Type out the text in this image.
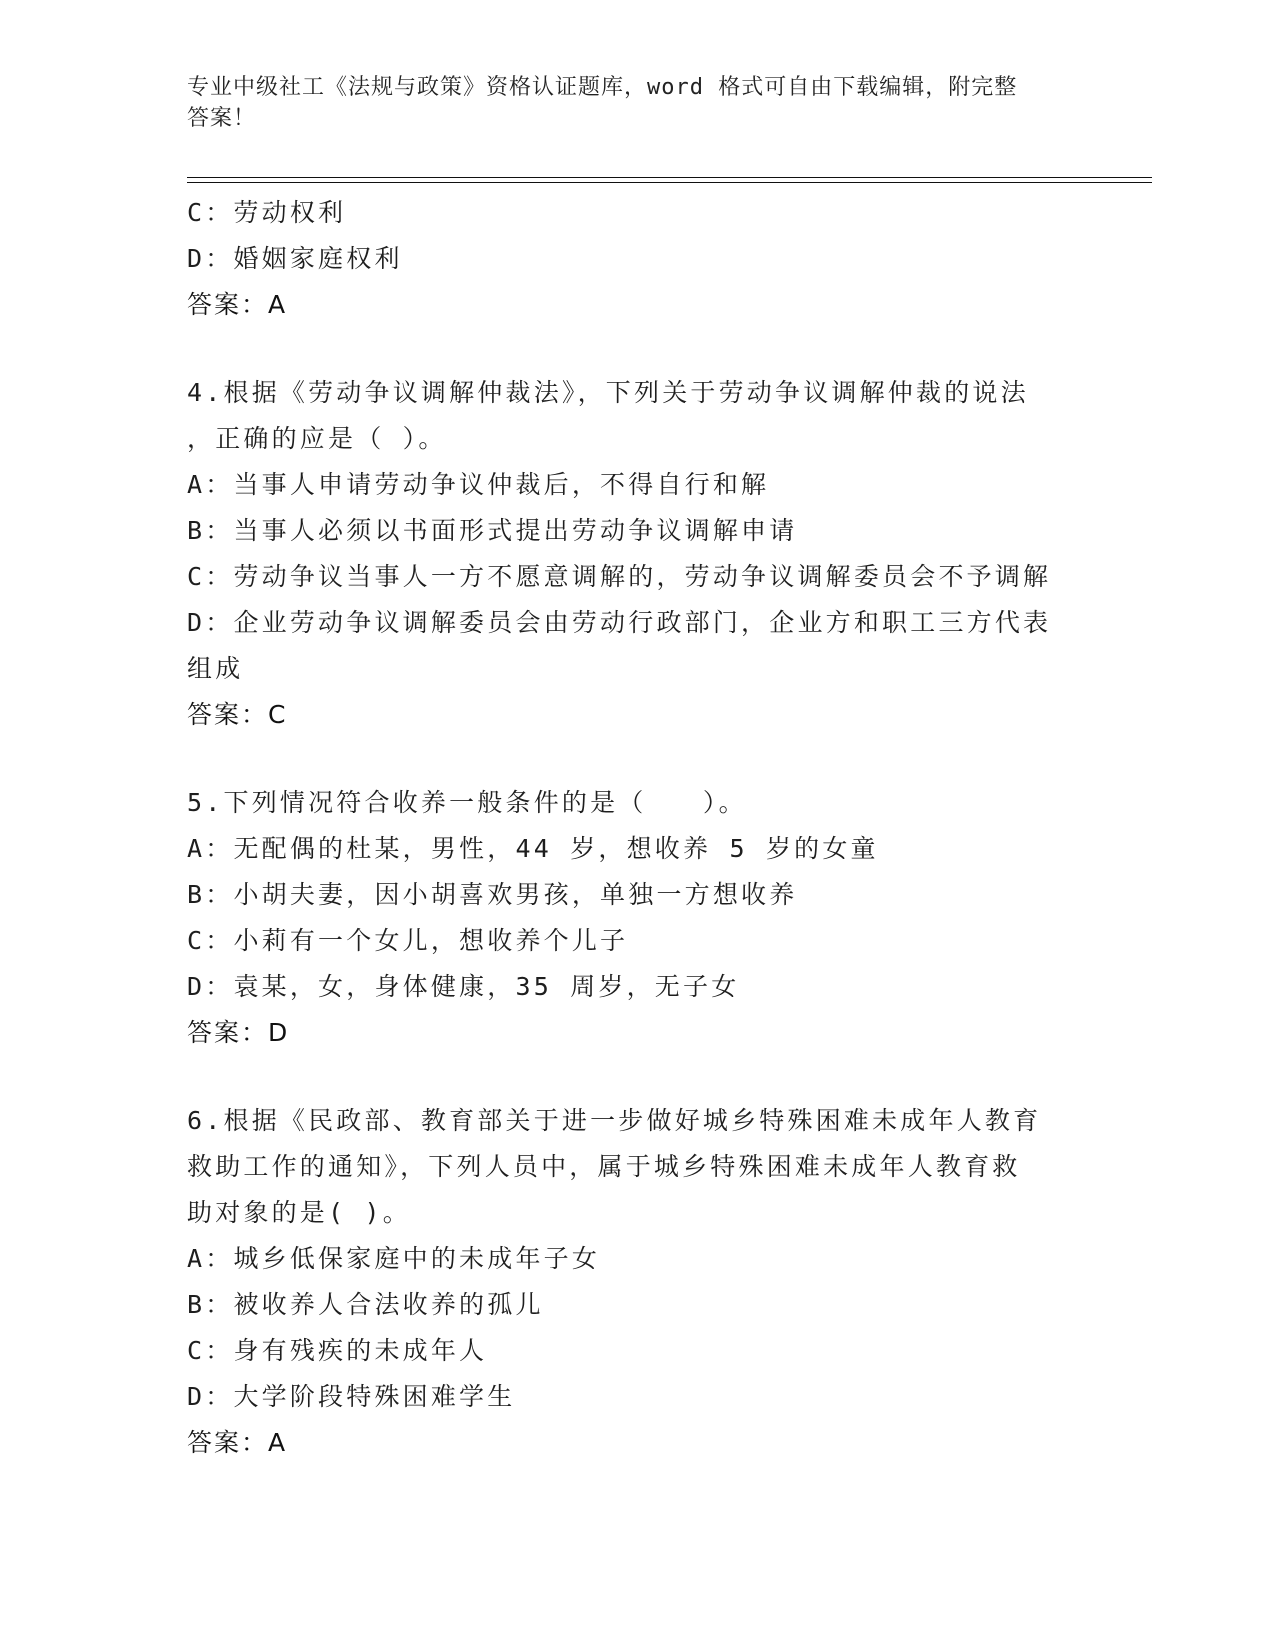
专业中级社工《法规与政策》资格认证题库，word 格式可自由下载编辑，附完整
答案！
C：劳动权利
D：婚姻家庭权利
答案：A
4.根据《劳动争议调解仲裁法》，下列关于劳动争议调解仲裁的说法
，正确的应是（ ）。
A：当事人申请劳动争议仲裁后，不得自行和解
B：当事人必须以书面形式提出劳动争议调解申请
C：劳动争议当事人一方不愿意调解的，劳动争议调解委员会不予调解
D：企业劳动争议调解委员会由劳动行政部门，企业方和职工三方代表
组成
答案：C
5.下列情况符合收养一般条件的是（　　）。
A：无配偶的杜某，男性，44 岁，想收养 5 岁的女童
B：小胡夫妻，因小胡喜欢男孩，单独一方想收养
C：小莉有一个女儿，想收养个儿子
D：袁某，女，身体健康，35 周岁，无子女
答案：D
6.根据《民政部、教育部关于进一步做好城乡特殊困难未成年人教育
救助工作的通知》，下列人员中，属于城乡特殊困难未成年人教育救
助对象的是( )。
A：城乡低保家庭中的未成年子女
B：被收养人合法收养的孤儿
C：身有残疾的未成年人
D：大学阶段特殊困难学生
答案：A
